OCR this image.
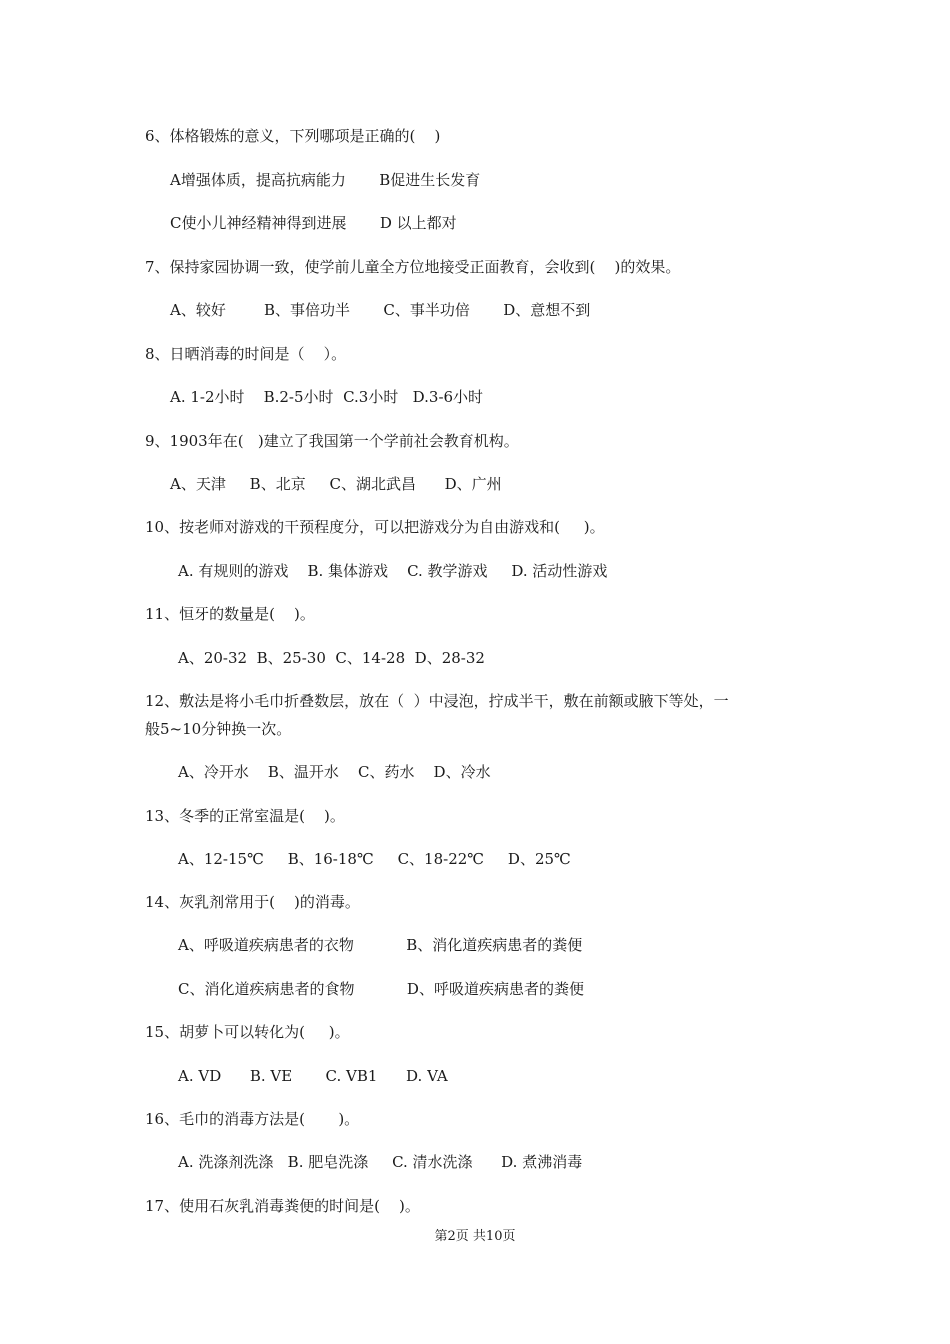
6、体格锻炼的意义，下列哪项是正确的(    )
A增强体质，提高抗病能力       B促进生长发育
C使小儿神经精神得到进展       D 以上都对
7、保持家园协调一致，使学前儿童全方位地接受正面教育，会收到(    )的效果。
A、较好        B、事倍功半       C、事半功倍       D、意想不到
8、日晒消毒的时间是（    ）。
A. 1-2小时    B.2-5小时  C.3小时   D.3-6小时
9、1903年在(   )建立了我国第一个学前社会教育机构。
A、天津     B、北京     C、湖北武昌      D、广州
10、按老师对游戏的干预程度分，可以把游戏分为自由游戏和(     )。
A. 有规则的游戏    B. 集体游戏    C. 教学游戏     D. 活动性游戏
11、恒牙的数量是(    )。
A、20-32  B、25-30  C、14-28  D、28-32
12、敷法是将小毛巾折叠数层，放在（  ）中浸泡，拧成半干，敷在前额或腋下等处，一
般5~10分钟换一次。
A、冷开水    B、温开水    C、药水    D、冷水
13、冬季的正常室温是(    )。
A、12-15℃     B、16-18℃     C、18-22℃     D、25℃
14、灰乳剂常用于(    )的消毒。
A、呼吸道疾病患者的衣物           B、消化道疾病患者的粪便
C、消化道疾病患者的食物           D、呼吸道疾病患者的粪便
15、胡萝卜可以转化为(     )。
A. VD      B. VE       C. VB1      D. VA
16、毛巾的消毒方法是(       )。
A. 洗涤剂洗涤   B. 肥皂洗涤     C. 清水洗涤      D. 煮沸消毒
17、使用石灰乳消毒粪便的时间是(    )。
第2页 共10页
